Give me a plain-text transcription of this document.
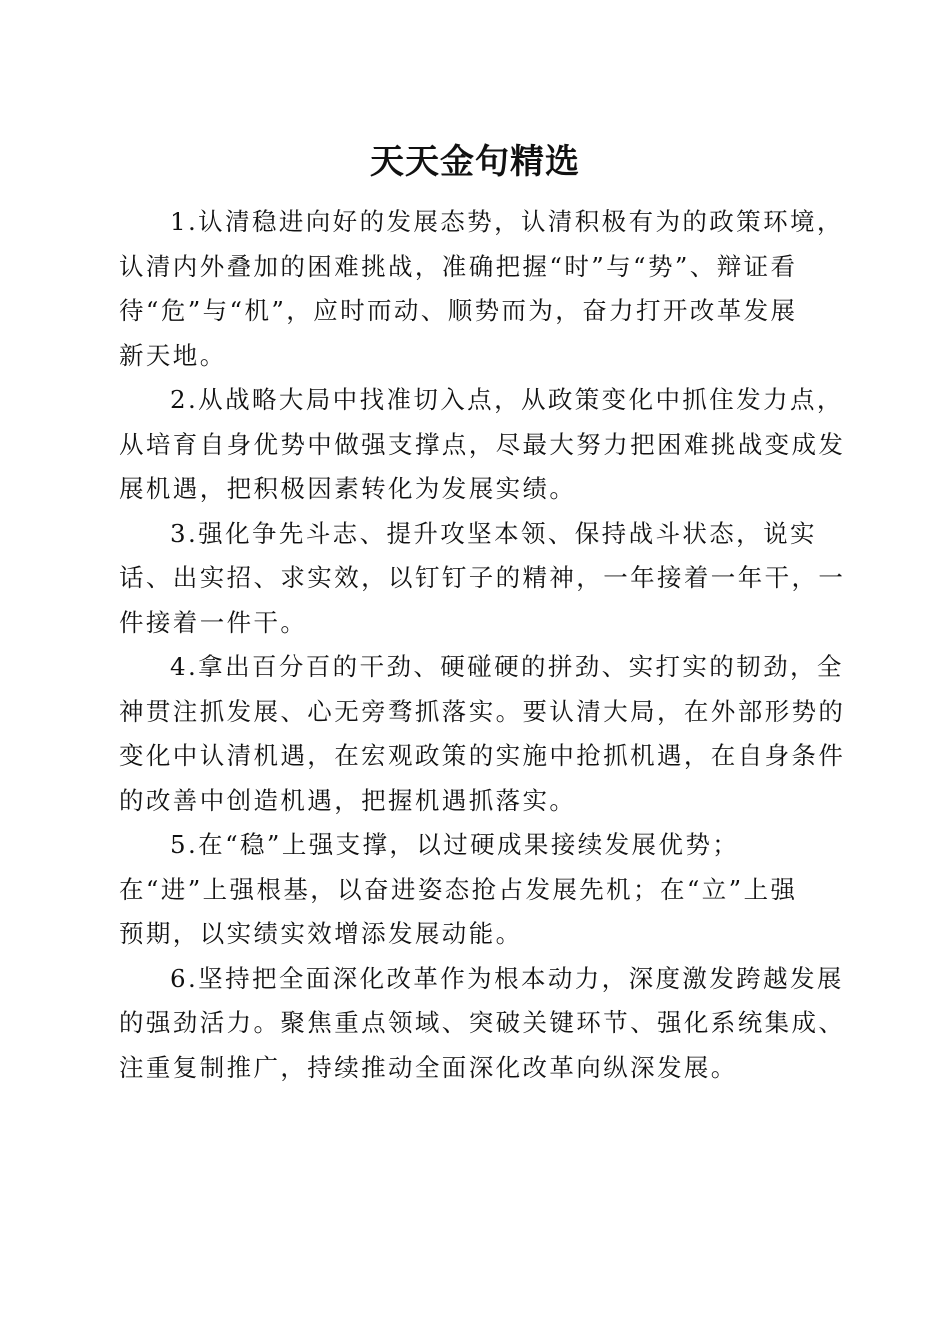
天天金句精选

1.认清稳进向好的发展态势，认清积极有为的政策环境，
认清内外叠加的困难挑战，准确把握“时”与“势”、辩证看
待“危”与“机”，应时而动、顺势而为，奋力打开改革发展
新天地。

2.从战略大局中找准切入点，从政策变化中抓住发力点，
从培育自身优势中做强支撑点，尽最大努力把困难挑战变成发
展机遇，把积极因素转化为发展实绩。

3.强化争先斗志、提升攻坚本领、保持战斗状态，说实
话、出实招、求实效，以钉钉子的精神，一年接着一年干，一
件接着一件干。

4.拿出百分百的干劲、硬碰硬的拼劲、实打实的韧劲，全
神贯注抓发展、心无旁骛抓落实。要认清大局，在外部形势的
变化中认清机遇，在宏观政策的实施中抢抓机遇，在自身条件
的改善中创造机遇，把握机遇抓落实。

5.在“稳”上强支撑，以过硬成果接续发展优势；
在“进”上强根基，以奋进姿态抢占发展先机；在“立”上强
预期，以实绩实效增添发展动能。

6.坚持把全面深化改革作为根本动力，深度激发跨越发展
的强劲活力。聚焦重点领域、突破关键环节、强化系统集成、
注重复制推广，持续推动全面深化改革向纵深发展。
